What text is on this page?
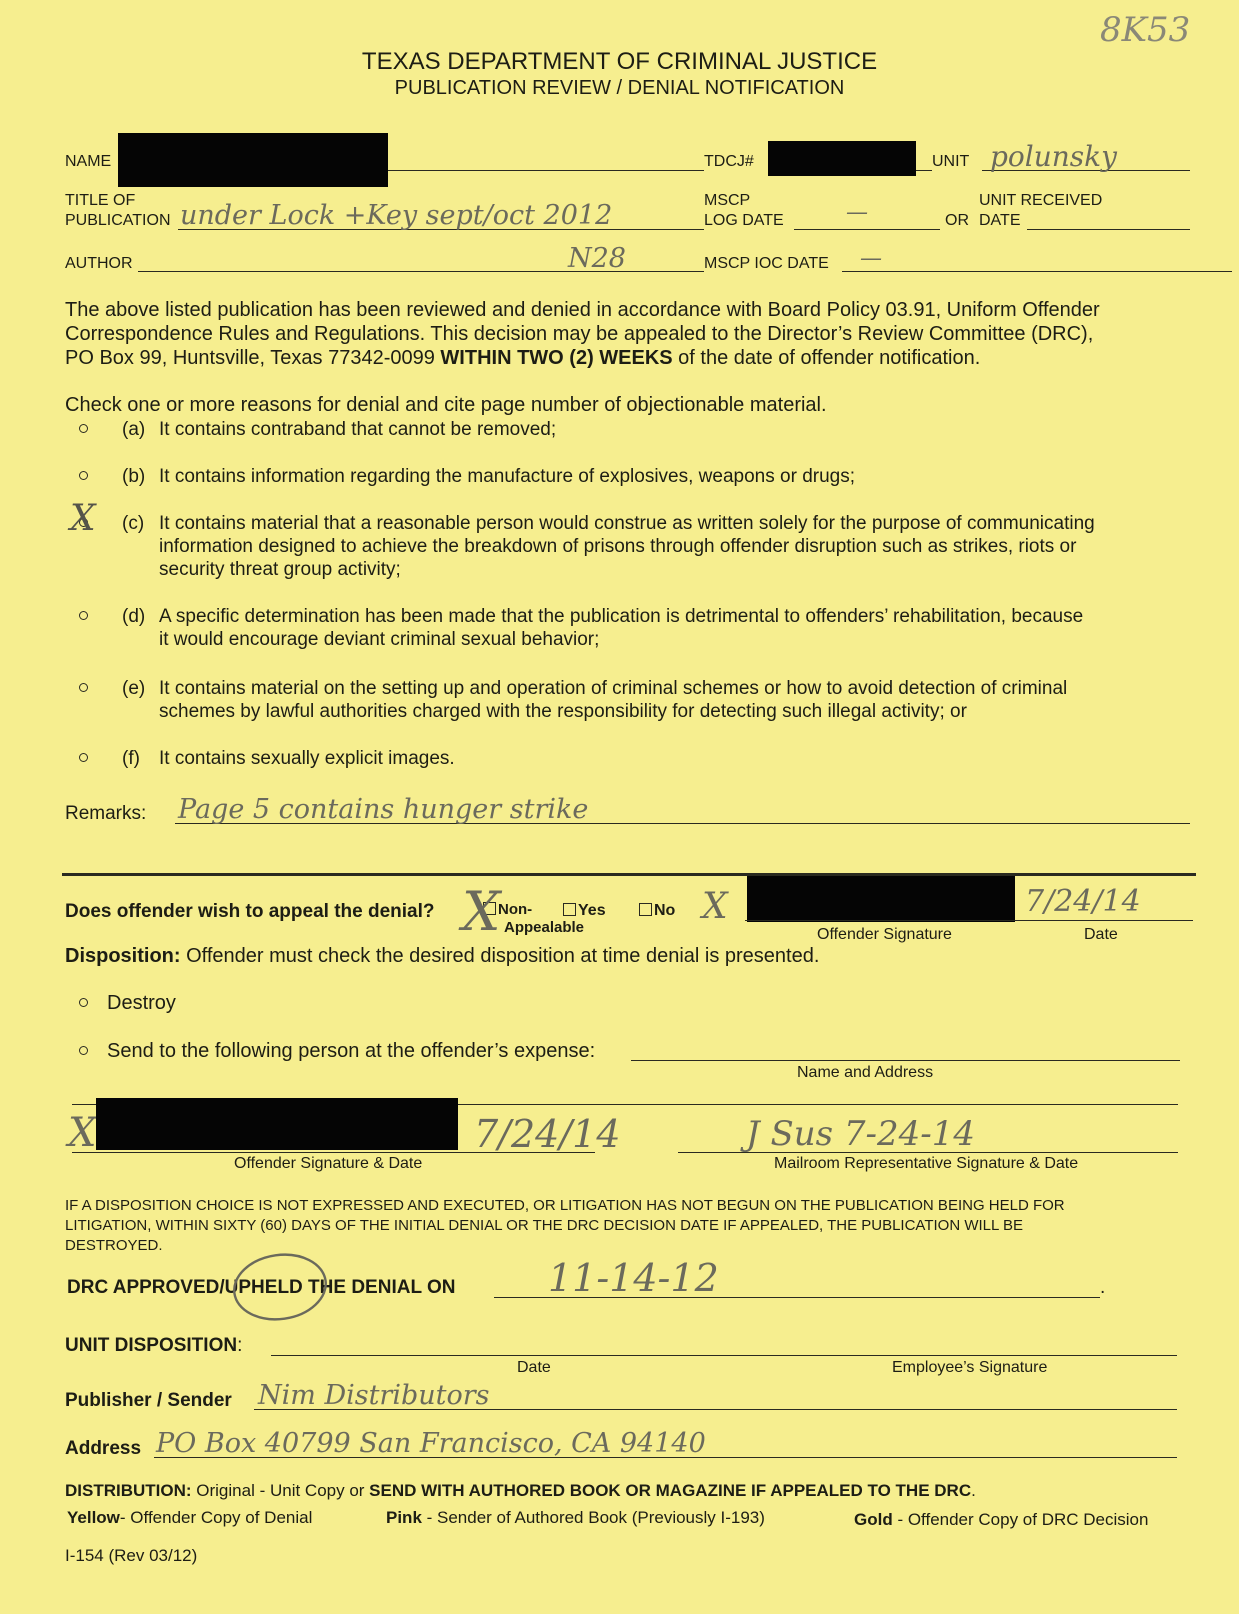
8K53
TEXAS DEPARTMENT OF CRIMINAL JUSTICE
PUBLICATION REVIEW / DENIAL NOTIFICATION
NAME	TDCJ#	UNIT polunsky
TITLE OF
PUBLICATION under Lock +Key sept/oct 2012	MSCP
LOG DATE	—	OR
UNIT RECEIVED
DATE
AUTHOR	N28	MSCP IOC DATE —
The above listed publication has been reviewed and denied in accordance with Board Policy 03.91, Uniform Offender
Correspondence Rules and Regulations. This decision may be appealed to the Director’s Review Committee (DRC),
PO Box 99, Huntsville, Texas 77342-0099 WITHIN TWO (2) WEEKS of the date of offender notification.
Check one or more reasons for denial and cite page number of objectionable material.
(a) It contains contraband that cannot be removed;
(b) It contains information regarding the manufacture of explosives, weapons or drugs;
X (c) It contains material that a reasonable person would construe as written solely for the purpose of communicating
information designed to achieve the breakdown of prisons through offender disruption such as strikes, riots or
security threat group activity;
(d) A specific determination has been made that the publication is detrimental to offenders’ rehabilitation, because
it would encourage deviant criminal sexual behavior;
(e) It contains material on the setting up and operation of criminal schemes or how to avoid detection of criminal
schemes by lawful authorities charged with the responsibility for detecting such illegal activity; or
(f) It contains sexually explicit images.
Remarks: Page 5 contains hunger strike
Does offender wish to appeal the denial?	Non-
Appealable
X	Yes	No X	7/24/14
Offender Signature	Date
Disposition: Offender must check the desired disposition at time denial is presented.
Destroy
Send to the following person at the offender’s expense:
Name and Address
X	7/24/14
Offender Signature & Date
J Sus 7-24-14
Mailroom Representative Signature & Date
IF A DISPOSITION CHOICE IS NOT EXPRESSED AND EXECUTED, OR LITIGATION HAS NOT BEGUN ON THE PUBLICATION BEING HELD FOR
LITIGATION, WITHIN SIXTY (60) DAYS OF THE INITIAL DENIAL OR THE DRC DECISION DATE IF APPEALED, THE PUBLICATION WILL BE
DESTROYED.
DRC APPROVED/UPHELD THE DENIAL ON	.
11-14-12
UNIT DISPOSITION:
Date	Employee’s Signature
Publisher / Sender Nim Distributors
Address PO Box 40799 San Francisco, CA 94140
DISTRIBUTION: Original - Unit Copy or SEND WITH AUTHORED BOOK OR MAGAZINE IF APPEALED TO THE DRC.
Yellow- Offender Copy of Denial	Pink - Sender of Authored Book (Previously I-193)	Gold - Offender Copy of DRC Decision
I-154 (Rev 03/12)
